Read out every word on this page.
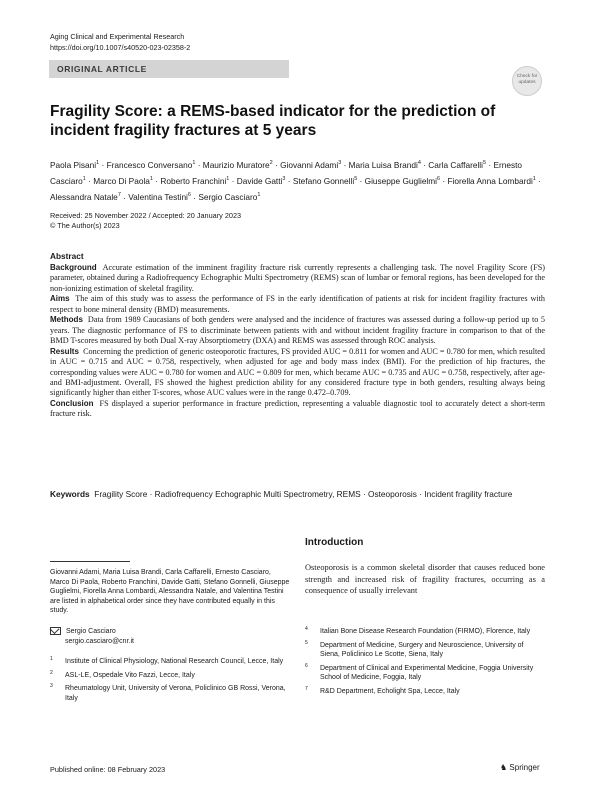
Aging Clinical and Experimental Research
https://doi.org/10.1007/s40520-023-02358-2
ORIGINAL ARTICLE
Check for
updates
Fragility Score: a REMS-based indicator for the prediction of incident fragility fractures at 5 years
Paola Pisani$^1$ · Francesco Conversano$^1$ · Maurizio Muratore$^2$ · Giovanni Adami$^3$ · Maria Luisa Brandi$^4$ · Carla Caffarelli$^5$ · Ernesto Casciaro$^1$ · Marco Di Paola$^1$ · Roberto Franchini$^1$ · Davide Gatti$^3$ · Stefano Gonnelli$^5$ · Giuseppe Guglielmi$^6$ · Fiorella Anna Lombardi$^1$ · Alessandra Natale$^7$ · Valentina Testini$^6$ · Sergio Casciaro$^1$
Received: 25 November 2022 / Accepted: 20 January 2023
© The Author(s) 2023
Abstract

Background Accurate estimation of the imminent fragility fracture risk currently represents a challenging task. The novel Fragility Score (FS) parameter, obtained during a Radiofrequency Echographic Multi Spectrometry (REMS) scan of lumbar or femoral regions, has been developed for the non-ionizing estimation of skeletal fragility.

Aims The aim of this study was to assess the performance of FS in the early identification of patients at risk for incident fragility fractures with respect to bone mineral density (BMD) measurements.

Methods Data from 1989 Caucasians of both genders were analysed and the incidence of fractures was assessed during a follow-up period up to 5 years. The diagnostic performance of FS to discriminate between patients with and without incident fragility fracture in comparison to that of the BMD T-scores measured by both Dual X-ray Absorptiometry (DXA) and REMS was assessed through ROC analysis.

Results Concerning the prediction of generic osteoporotic fractures, FS provided AUC = 0.811 for women and AUC = 0.780 for men, which resulted in AUC = 0.715 and AUC = 0.758, respectively, when adjusted for age and body mass index (BMI). For the prediction of hip fractures, the corresponding values were AUC = 0.780 for women and AUC = 0.809 for men, which became AUC = 0.735 and AUC = 0.758, respectively, after age- and BMI-adjustment. Overall, FS showed the highest prediction ability for any considered fracture type in both genders, resulting always being significantly higher than either T-scores, whose AUC values were in the range 0.472–0.709.

Conclusion FS displayed a superior performance in fracture prediction, representing a valuable diagnostic tool to accurately detect a short-term fracture risk.

Keywords Fragility Score · Radiofrequency Echographic Multi Spectrometry, REMS · Osteoporosis · Incident fragility fracture
Introduction
Osteoporosis is a common skeletal disorder that causes reduced bone strength and increased risk of fragility fractures, occurring as a consequence of usually irrelevant
Giovanni Adami, Maria Luisa Brandi, Carla Caffarelli, Ernesto Casciaro, Marco Di Paola, Roberto Franchini, Davide Gatti, Stefano Gonnelli, Giuseppe Guglielmi, Fiorella Anna Lombardi, Alessandra Natale, and Valentina Testini are listed in alphabetical order since they have contributed equally in this study.
Sergio Casciaro
sergio.casciaro@cnr.it
1 Institute of Clinical Physiology, National Research Council, Lecce, Italy
2 ASL-LE, Ospedale Vito Fazzi, Lecce, Italy
3 Rheumatology Unit, University of Verona, Policlinico GB Rossi, Verona, Italy
4 Italian Bone Disease Research Foundation (FIRMO), Florence, Italy
5 Department of Medicine, Surgery and Neuroscience, University of Siena, Policlinico Le Scotte, Siena, Italy
6 Department of Clinical and Experimental Medicine, Foggia University School of Medicine, Foggia, Italy
7 R&D Department, Echolight Spa, Lecce, Italy
Published online: 08 February 2023	♞ Springer
